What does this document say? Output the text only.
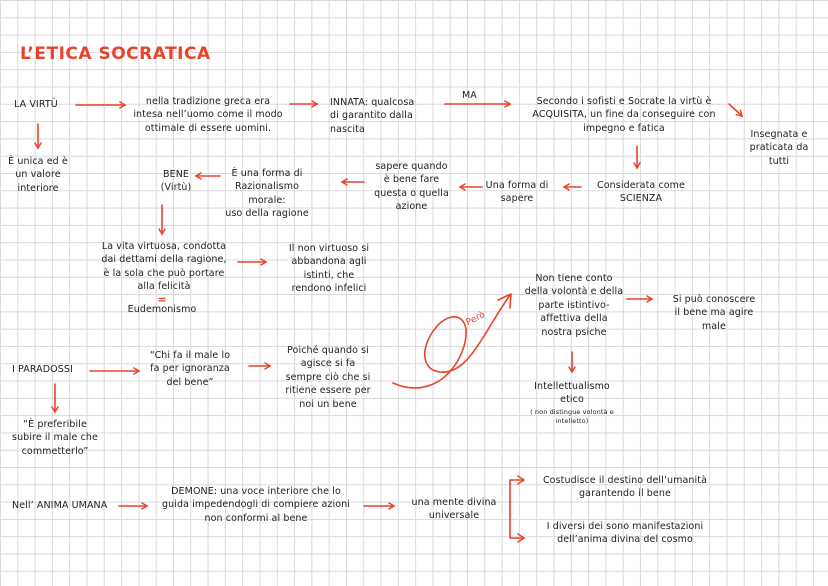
L’ETICA SOCRATICA
LA VIRTÙ	nella tradizione greca era
intesa nell’uomo come il modo
ottimale di essere uomini.
INNATA: qualcosa
di garantito dalla
nascita
MA
Secondo i sofisti e Socrate la virtù è
ACQUISITA, un fine da conseguire con
impegno e fatica
Insegnata e
praticata da
tutti
È unica ed è
un valore
interiore
BENE
(Virtù)
È una forma di
Razionalismo
morale:
uso della ragione
sapere quando
è bene fare
questa o quella
azione
Una forma di
sapere
Considerata come
SCIENZA
La vita virtuosa, condotta
dai dettami della ragione,
è la sola che può portare
alla felicità
=
Eudemonismo
Il non virtuoso si
abbandona agli
istinti, che
rendono infelici
Non tiene conto
della volontà e della
parte istintivo-
affettiva della
nostra psiche
Si può conoscere
il bene ma agire
male
Però
Intellettualismo
etico
( non distingue volontà e
intelletto)
I PARADOSSI
“Chi fa il male lo
fa per ignoranza
del bene”
Poiché quando si
agisce si fa
sempre ciò che si
ritiene essere per
noi un bene
“È preferibile
subire il male che
commetterlo”
Nell’ ANIMA UMANA
DEMONE: una voce interiore che lo
guida impedendogli di compiere azioni
non conformi al bene
una mente divina
universale
Costudisce il destino dell’umanità
garantendo il bene
I diversi dei sono manifestazioni
dell’anima divina del cosmo
